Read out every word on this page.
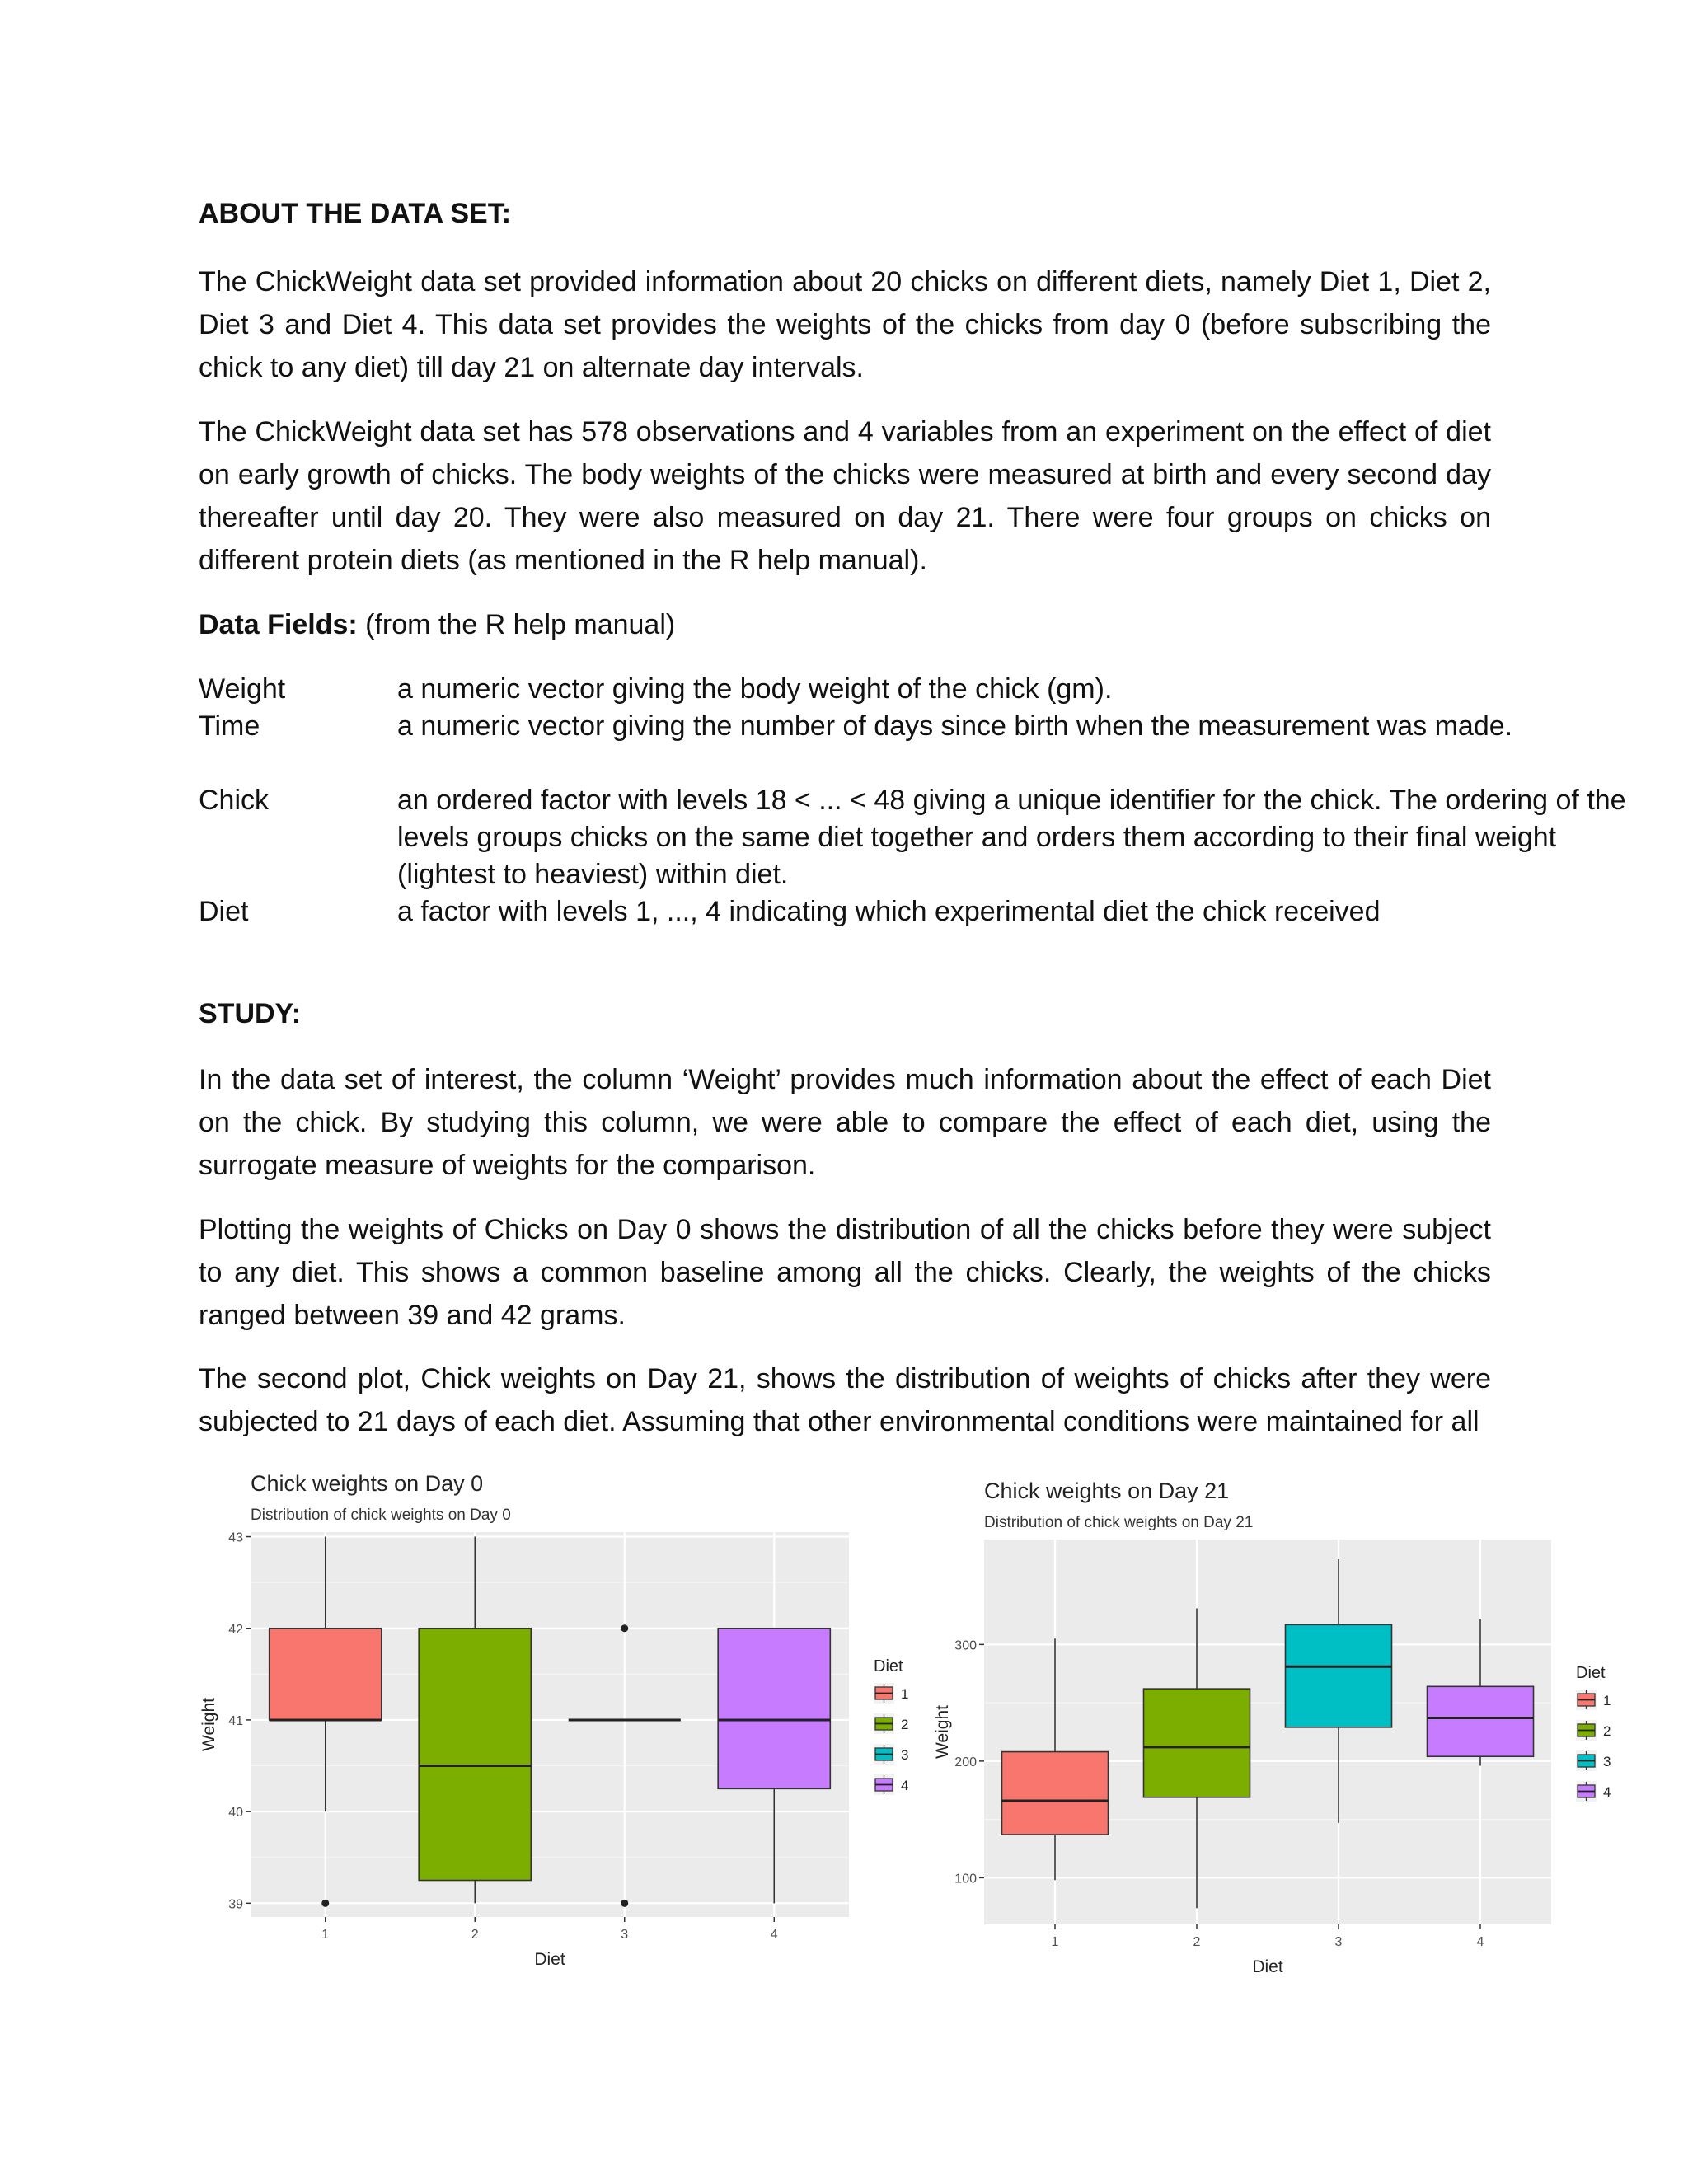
ABOUT THE DATA SET:

The ChickWeight data set provided information about 20 chicks on different diets, namely Diet 1, Diet 2, Diet 3 and Diet 4. This data set provides the weights of the chicks from day 0 (before subscribing the chick to any diet) till day 21 on alternate day intervals.

The ChickWeight data set has 578 observations and 4 variables from an experiment on the effect of diet on early growth of chicks. The body weights of the chicks were measured at birth and every second day thereafter until day 20. They were also measured on day 21. There were four groups on chicks on different protein diets (as mentioned in the R help manual).

Data Fields: (from the R help manual)

Weight	a numeric vector giving the body weight of the chick (gm).
Time	a numeric vector giving the number of days since birth when the measurement was made.
Chick	an ordered factor with levels 18 < ... < 48 giving a unique identifier for the chick. The ordering of the levels groups chicks on the same diet together and orders them according to their final weight (lightest to heaviest) within diet.
Diet	a factor with levels 1, ..., 4 indicating which experimental diet the chick received
STUDY:

In the data set of interest, the column ‘Weight’ provides much information about the effect of each Diet on the chick. By studying this column, we were able to compare the effect of each diet, using the surrogate measure of weights for the comparison.

Plotting the weights of Chicks on Day 0 shows the distribution of all the chicks before they were subject to any diet. This shows a common baseline among all the chicks. Clearly, the weights of the chicks ranged between 39 and 42 grams.

The second plot, Chick weights on Day 21, shows the distribution of weights of chicks after they were subjected to 21 days of each diet. Assuming that other environmental conditions were maintained for all

Chick weights on Day 0
Distribution of chick weights on Day 0
39
40
41
42
43
1	2	3	4
Diet
Weight
Diet
1
2
3
4
Chick weights on Day 21
Distribution of chick weights on Day 21
100
200
300
1	2	3	4
Diet
Weight
Diet
1
2
3
4
